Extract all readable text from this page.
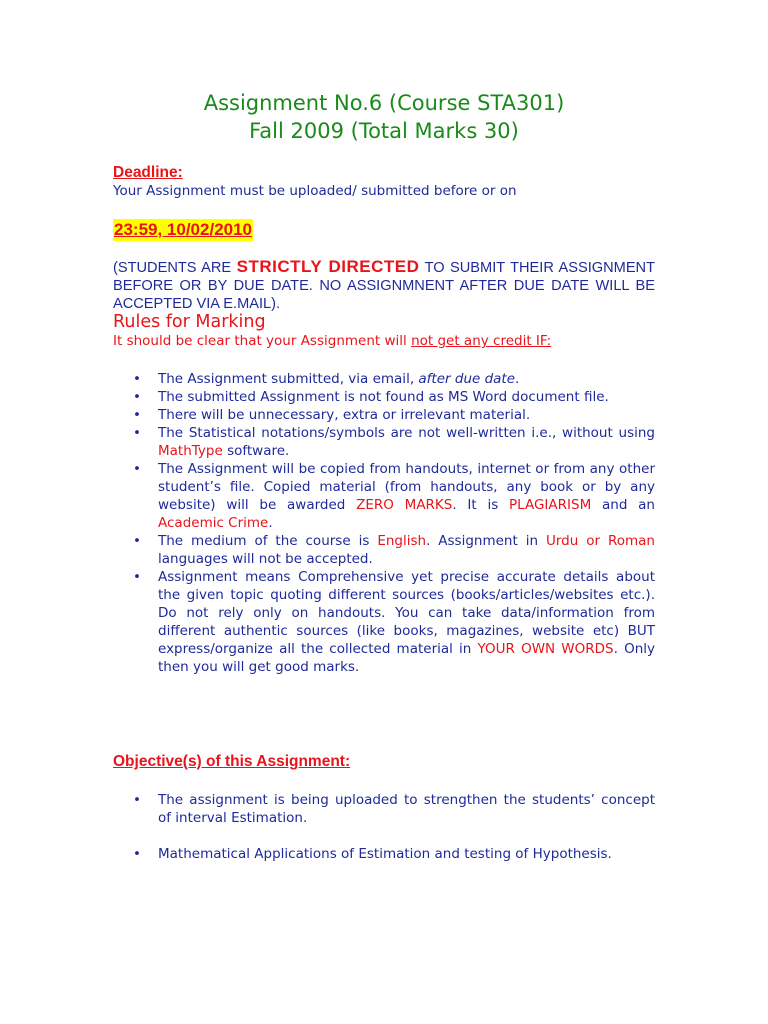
Assignment No.6 (Course STA301)
Fall 2009 (Total Marks 30)
Deadline:
Your Assignment must be uploaded/ submitted before or on
23:59, 10/02/2010
(STUDENTS ARE STRICTLY DIRECTED TO SUBMIT THEIR ASSIGNMENT BEFORE OR BY DUE DATE. NO ASSIGNMNENT AFTER DUE DATE WILL BE ACCEPTED VIA E.MAIL).
Rules for Marking
It should be clear that your Assignment will not get any credit IF:
• The Assignment submitted, via email, after due date.
• The submitted Assignment is not found as MS Word document file.
• There will be unnecessary, extra or irrelevant material.
• The Statistical notations/symbols are not well-written i.e., without using MathType software.
• The Assignment will be copied from handouts, internet or from any other student’s file. Copied material (from handouts, any book or by any website) will be awarded ZERO MARKS. It is PLAGIARISM and an Academic Crime.
• The medium of the course is English. Assignment in Urdu or Roman languages will not be accepted.
• Assignment means Comprehensive yet precise accurate details about the given topic quoting different sources (books/articles/websites etc.). Do not rely only on handouts. You can take data/information from different authentic sources (like books, magazines, website etc) BUT express/organize all the collected material in YOUR OWN WORDS. Only then you will get good marks.
Objective(s) of this Assignment:
• The assignment is being uploaded to strengthen the students’ concept of interval Estimation.
• Mathematical Applications of Estimation and testing of Hypothesis.
